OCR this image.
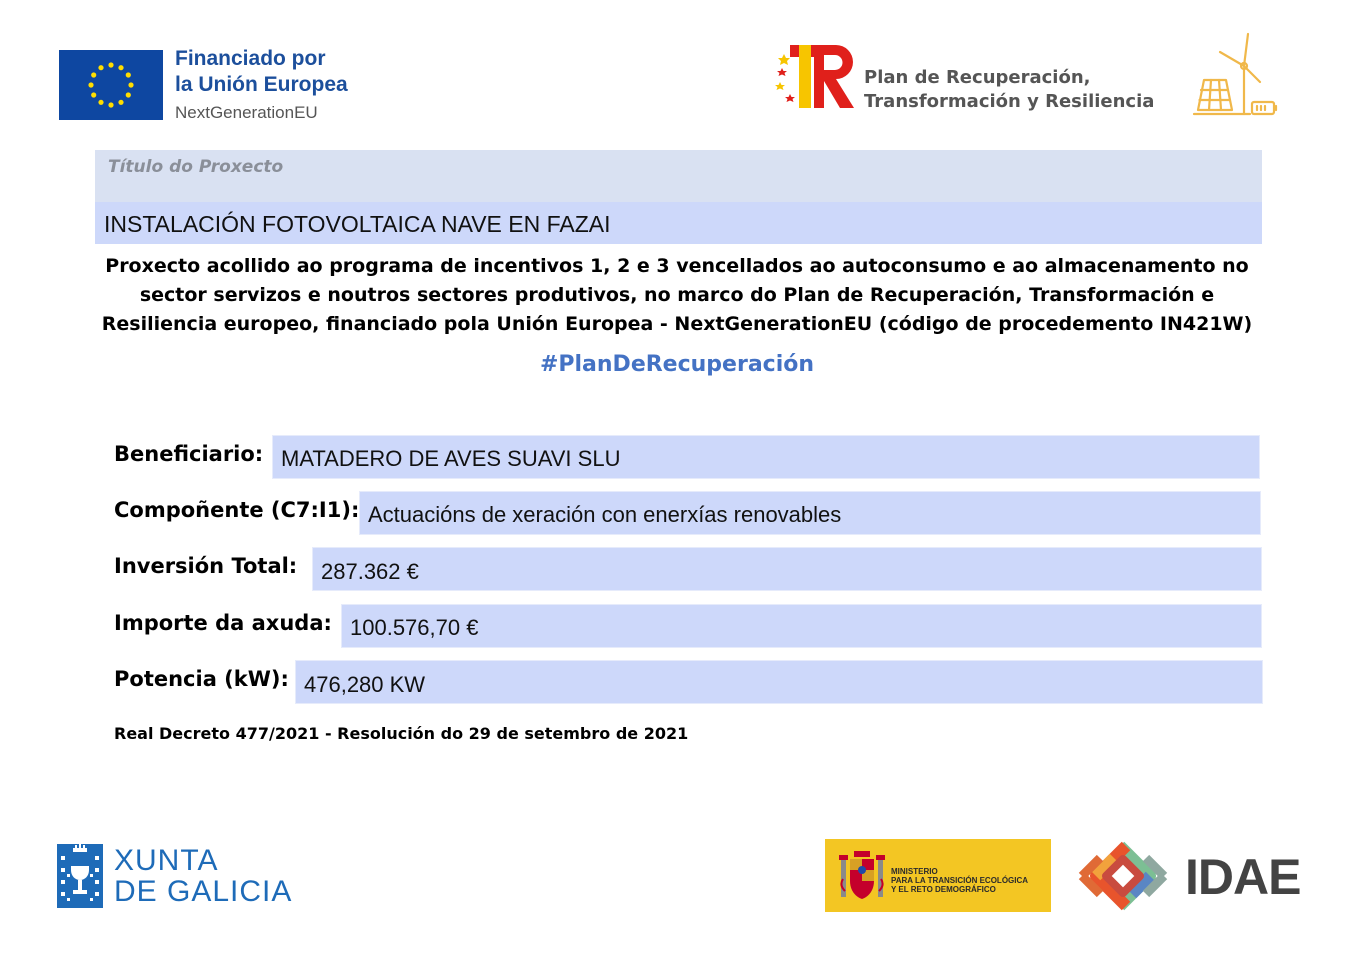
Financiado por
la Unión Europea
NextGenerationEU
Plan de Recuperación,
Transformación y Resiliencia
Título do Proxecto
INSTALACIÓN FOTOVOLTAICA NAVE EN FAZAI
Proxecto acollido ao programa de incentivos 1, 2 e 3 vencellados ao autoconsumo e ao almacenamento no
sector servizos e noutros sectores produtivos, no marco do Plan de Recuperación, Transformación e
Resiliencia europeo, financiado pola Unión Europea - NextGenerationEU (código de procedemento IN421W)
#PlanDeRecuperación
Beneficiario: MATADERO DE AVES SUAVI SLU
Compoñente (C7:I1): Actuacións de xeración con enerxías renovables
Inversión Total: 287.362 €
Importe da axuda: 100.576,70 €
Potencia (kW): 476,280 KW
Real Decreto 477/2021 - Resolución do 29 de setembro de 2021
XUNTA
DE GALICIA
MINISTERIO
PARA LA TRANSICIÓN ECOLÓGICA
Y EL RETO DEMOGRÁFICO	IDAE
